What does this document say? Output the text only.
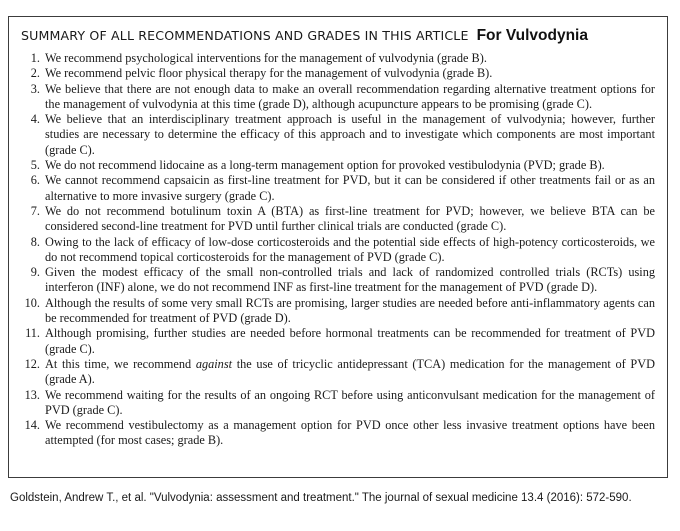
SUMMARY OF ALL RECOMMENDATIONS AND GRADES IN THIS ARTICLE For Vulvodynia
1. We recommend psychological interventions for the management of vulvodynia (grade B).
2. We recommend pelvic floor physical therapy for the management of vulvodynia (grade B).
3. We believe that there are not enough data to make an overall recommendation regarding alternative treatment options for the management of vulvodynia at this time (grade D), although acupuncture appears to be promising (grade C).
4. We believe that an interdisciplinary treatment approach is useful in the management of vulvodynia; however, further studies are necessary to determine the efficacy of this approach and to investigate which components are most important (grade C).
5. We do not recommend lidocaine as a long-term management option for provoked vestibulodynia (PVD; grade B).
6. We cannot recommend capsaicin as first-line treatment for PVD, but it can be considered if other treatments fail or as an alternative to more invasive surgery (grade C).
7. We do not recommend botulinum toxin A (BTA) as first-line treatment for PVD; however, we believe BTA can be considered second-line treatment for PVD until further clinical trials are conducted (grade C).
8. Owing to the lack of efficacy of low-dose corticosteroids and the potential side effects of high-potency corticosteroids, we do not recommend topical corticosteroids for the management of PVD (grade C).
9. Given the modest efficacy of the small non-controlled trials and lack of randomized controlled trials (RCTs) using interferon (INF) alone, we do not recommend INF as first-line treatment for the management of PVD (grade D).
10. Although the results of some very small RCTs are promising, larger studies are needed before anti-inflammatory agents can be recommended for treatment of PVD (grade D).
11. Although promising, further studies are needed before hormonal treatments can be recommended for treatment of PVD (grade C).
12. At this time, we recommend against the use of tricyclic antidepressant (TCA) medication for the management of PVD (grade A).
13. We recommend waiting for the results of an ongoing RCT before using anticonvulsant medication for the management of PVD (grade C).
14. We recommend vestibulectomy as a management option for PVD once other less invasive treatment options have been attempted (for most cases; grade B).
Goldstein, Andrew T., et al. "Vulvodynia: assessment and treatment." The journal of sexual medicine 13.4 (2016): 572-590.
